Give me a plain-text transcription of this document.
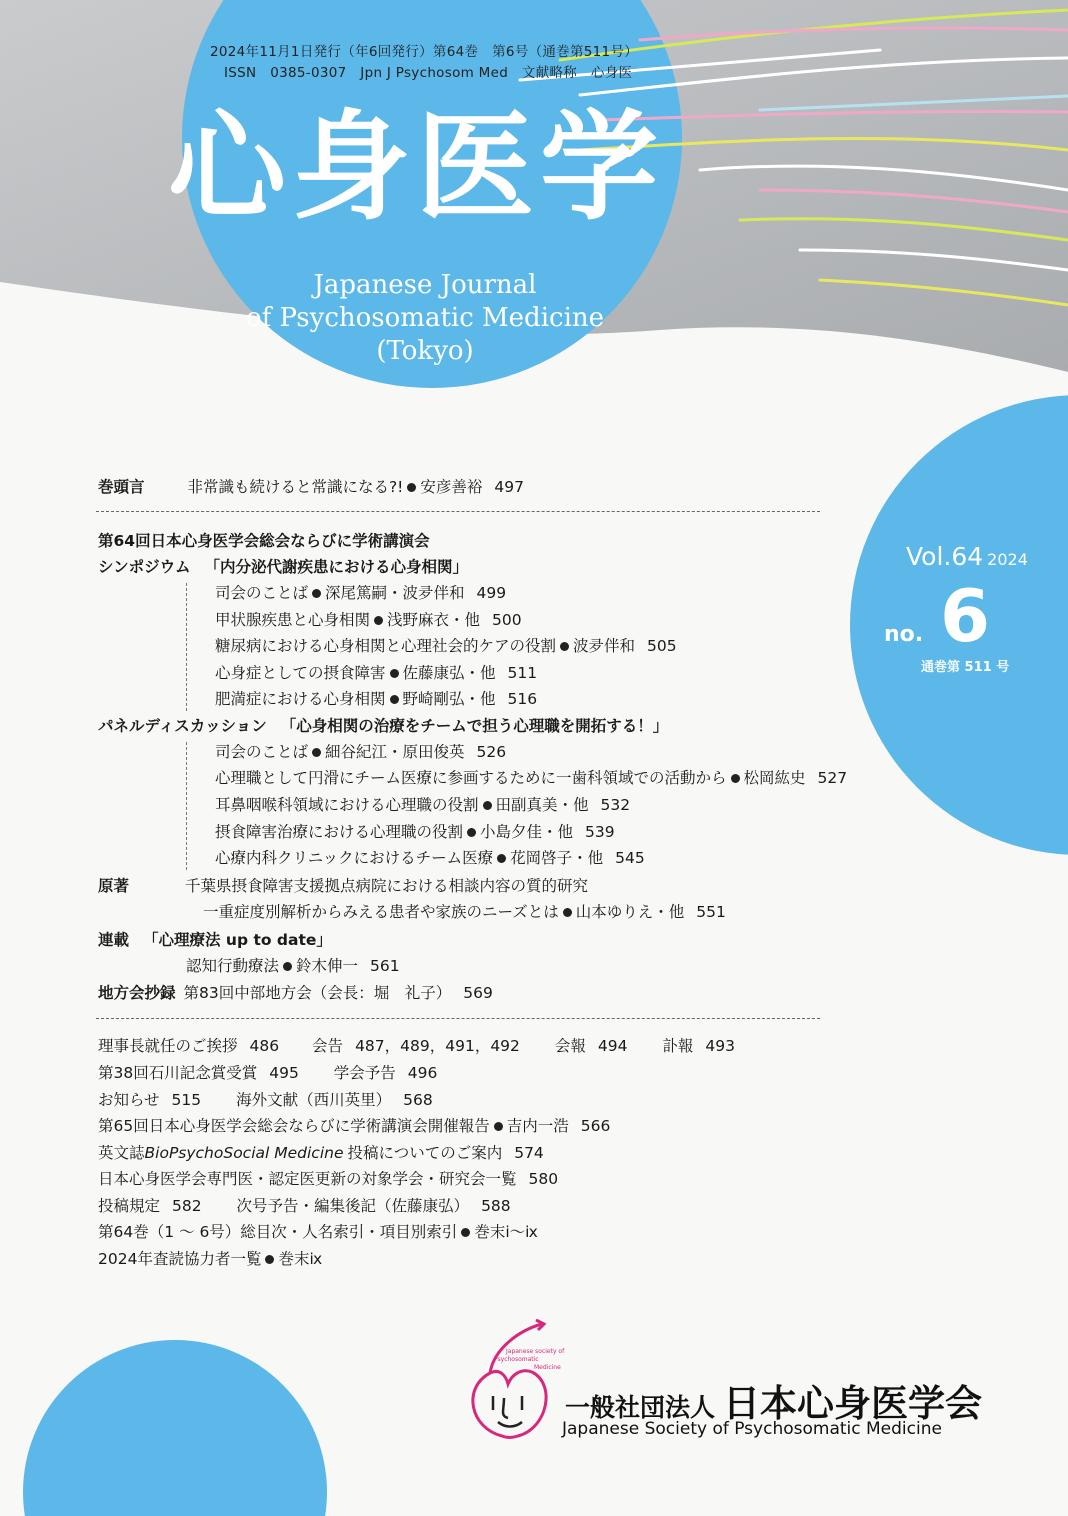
2024年11月1日発行（年6回発行）第64巻　第6号（通巻第511号）
ISSN　0385-0307　Jpn J Psychosom Med　文献略称　心身医
心身医学
Japanese Journal
of Psychosomatic Medicine
(Tokyo)
Vol.64 2024
no. 6
通巻第 511 号
巻頭言	非常識も続けると常識になる?! 安彦善裕 497
第64回日本心身医学会総会ならびに学術講演会
シンポジウム 「内分泌代謝疾患における心身相関」
司会のことば 深尾篤嗣・波夛伴和 499
甲状腺疾患と心身相関 浅野麻衣・他 500
糖尿病における心身相関と心理社会的ケアの役割 波夛伴和 505
心身症としての摂食障害 佐藤康弘・他 511
肥満症における心身相関 野崎剛弘・他 516
パネルディスカッション 「心身相関の治療をチームで担う心理職を開拓する！」
司会のことば 細谷紀江・原田俊英 526
心理職として円滑にチーム医療に参画するために一歯科領域での活動から 松岡紘史 527
耳鼻咽喉科領域における心理職の役割 田副真美・他 532
摂食障害治療における心理職の役割 小島夕佳・他 539
心療内科クリニックにおけるチーム医療 花岡啓子・他 545
原著	千葉県摂食障害支援拠点病院における相談内容の質的研究
一重症度別解析からみえる患者や家族のニーズとは 山本ゆりえ・他 551
連載 「心理療法 up to date」
認知行動療法 鈴木伸一 561
地方会抄録 第83回中部地方会（会長：堀　礼子） 569
理事長就任のご挨拶 486 会告 487，489，491，492 会報 494 訃報 493
第38回石川記念賞受賞 495 学会予告 496
お知らせ 515 海外文献（西川英里） 568
第65回日本心身医学会総会ならびに学術講演会開催報告 吉内一浩 566
英文誌BioPsychoSocial Medicine 投稿についてのご案内 574
日本心身医学会専門医・認定医更新の対象学会・研究会一覧 580
投稿規定 582 次号予告・編集後記（佐藤康弘） 588
第64巻（1 ～ 6号）総目次・人名索引・項目別索引 巻末ⅰ～ⅸ
2024年査読協力者一覧 巻末ⅸ
Japanese society of
Psychosomatic
Medicine
一般社団法人 日本心身医学会
Japanese Society of Psychosomatic Medicine
